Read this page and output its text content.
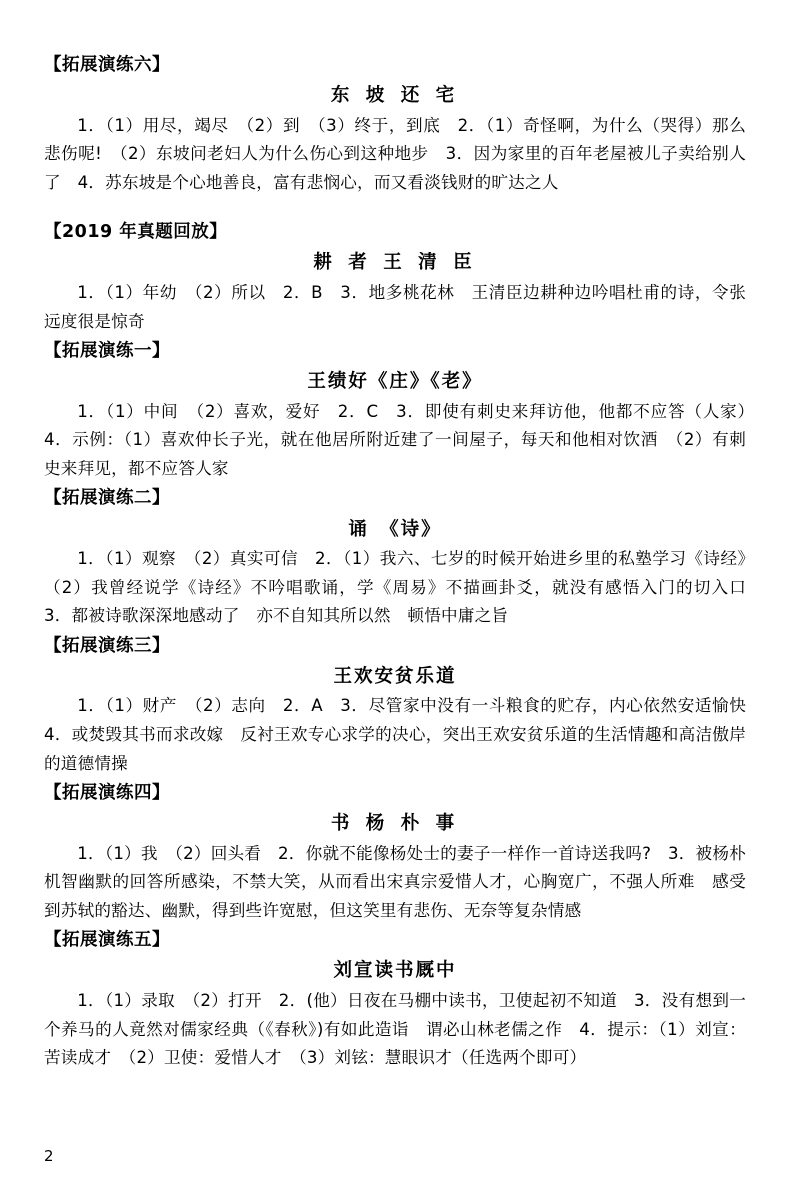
【拓展演练六】
东 坡 还 宅
1．（1）用尽，竭尽　（2）到　（3）终于，到底　2．（1）奇怪啊，为什么（哭得）那么悲伤呢!　（2）东坡问老妇人为什么伤心到这种地步　3．因为家里的百年老屋被儿子卖给别人了　4．苏东坡是个心地善良，富有悲悯心，而又看淡钱财的旷达之人
【2019 年真题回放】
耕 者 王 清 臣
1．（1）年幼　（2）所以　2．B　3．地多桃花林　王清臣边耕种边吟唱杜甫的诗，令张远度很是惊奇
【拓展演练一】
王绩好《庄》《老》
1．（1）中间　（2）喜欢，爱好　2．C　3．即使有刺史来拜访他，他都不应答（人家）　4．示例：（1）喜欢仲长子光，就在他居所附近建了一间屋子，每天和他相对饮酒　（2）有刺史来拜见，都不应答人家
【拓展演练二】
诵　《诗》
1．（1）观察　（2）真实可信　2．（1）我六、七岁的时候开始进乡里的私塾学习《诗经》　（2）我曾经说学《诗经》不吟唱歌诵，学《周易》不描画卦爻，就没有感悟入门的切入口　3．都被诗歌深深地感动了　亦不自知其所以然　顿悟中庸之旨
【拓展演练三】
王欢安贫乐道
1．（1）财产　（2）志向　2．A　3．尽管家中没有一斗粮食的贮存，内心依然安适愉快　4．或焚毁其书而求改嫁　反衬王欢专心求学的决心，突出王欢安贫乐道的生活情趣和高洁傲岸的道德情操
【拓展演练四】
书 杨 朴 事
1．（1）我　（2）回头看　2．你就不能像杨处士的妻子一样作一首诗送我吗?　3．被杨朴机智幽默的回答所感染，不禁大笑，从而看出宋真宗爱惜人才，心胸宽广，不强人所难　感受到苏轼的豁达、幽默，得到些许宽慰，但这笑里有悲伤、无奈等复杂情感
【拓展演练五】
刘宣读书厩中
1．（1）录取　（2）打开　2．(他）日夜在马棚中读书，卫使起初不知道　3．没有想到一个养马的人竟然对儒家经典（《春秋》)有如此造诣　谓必山林老儒之作　4．提示：（1）刘宣：苦读成才　（2）卫使：爱惜人才　（3）刘铉：慧眼识才（任选两个即可）
2
